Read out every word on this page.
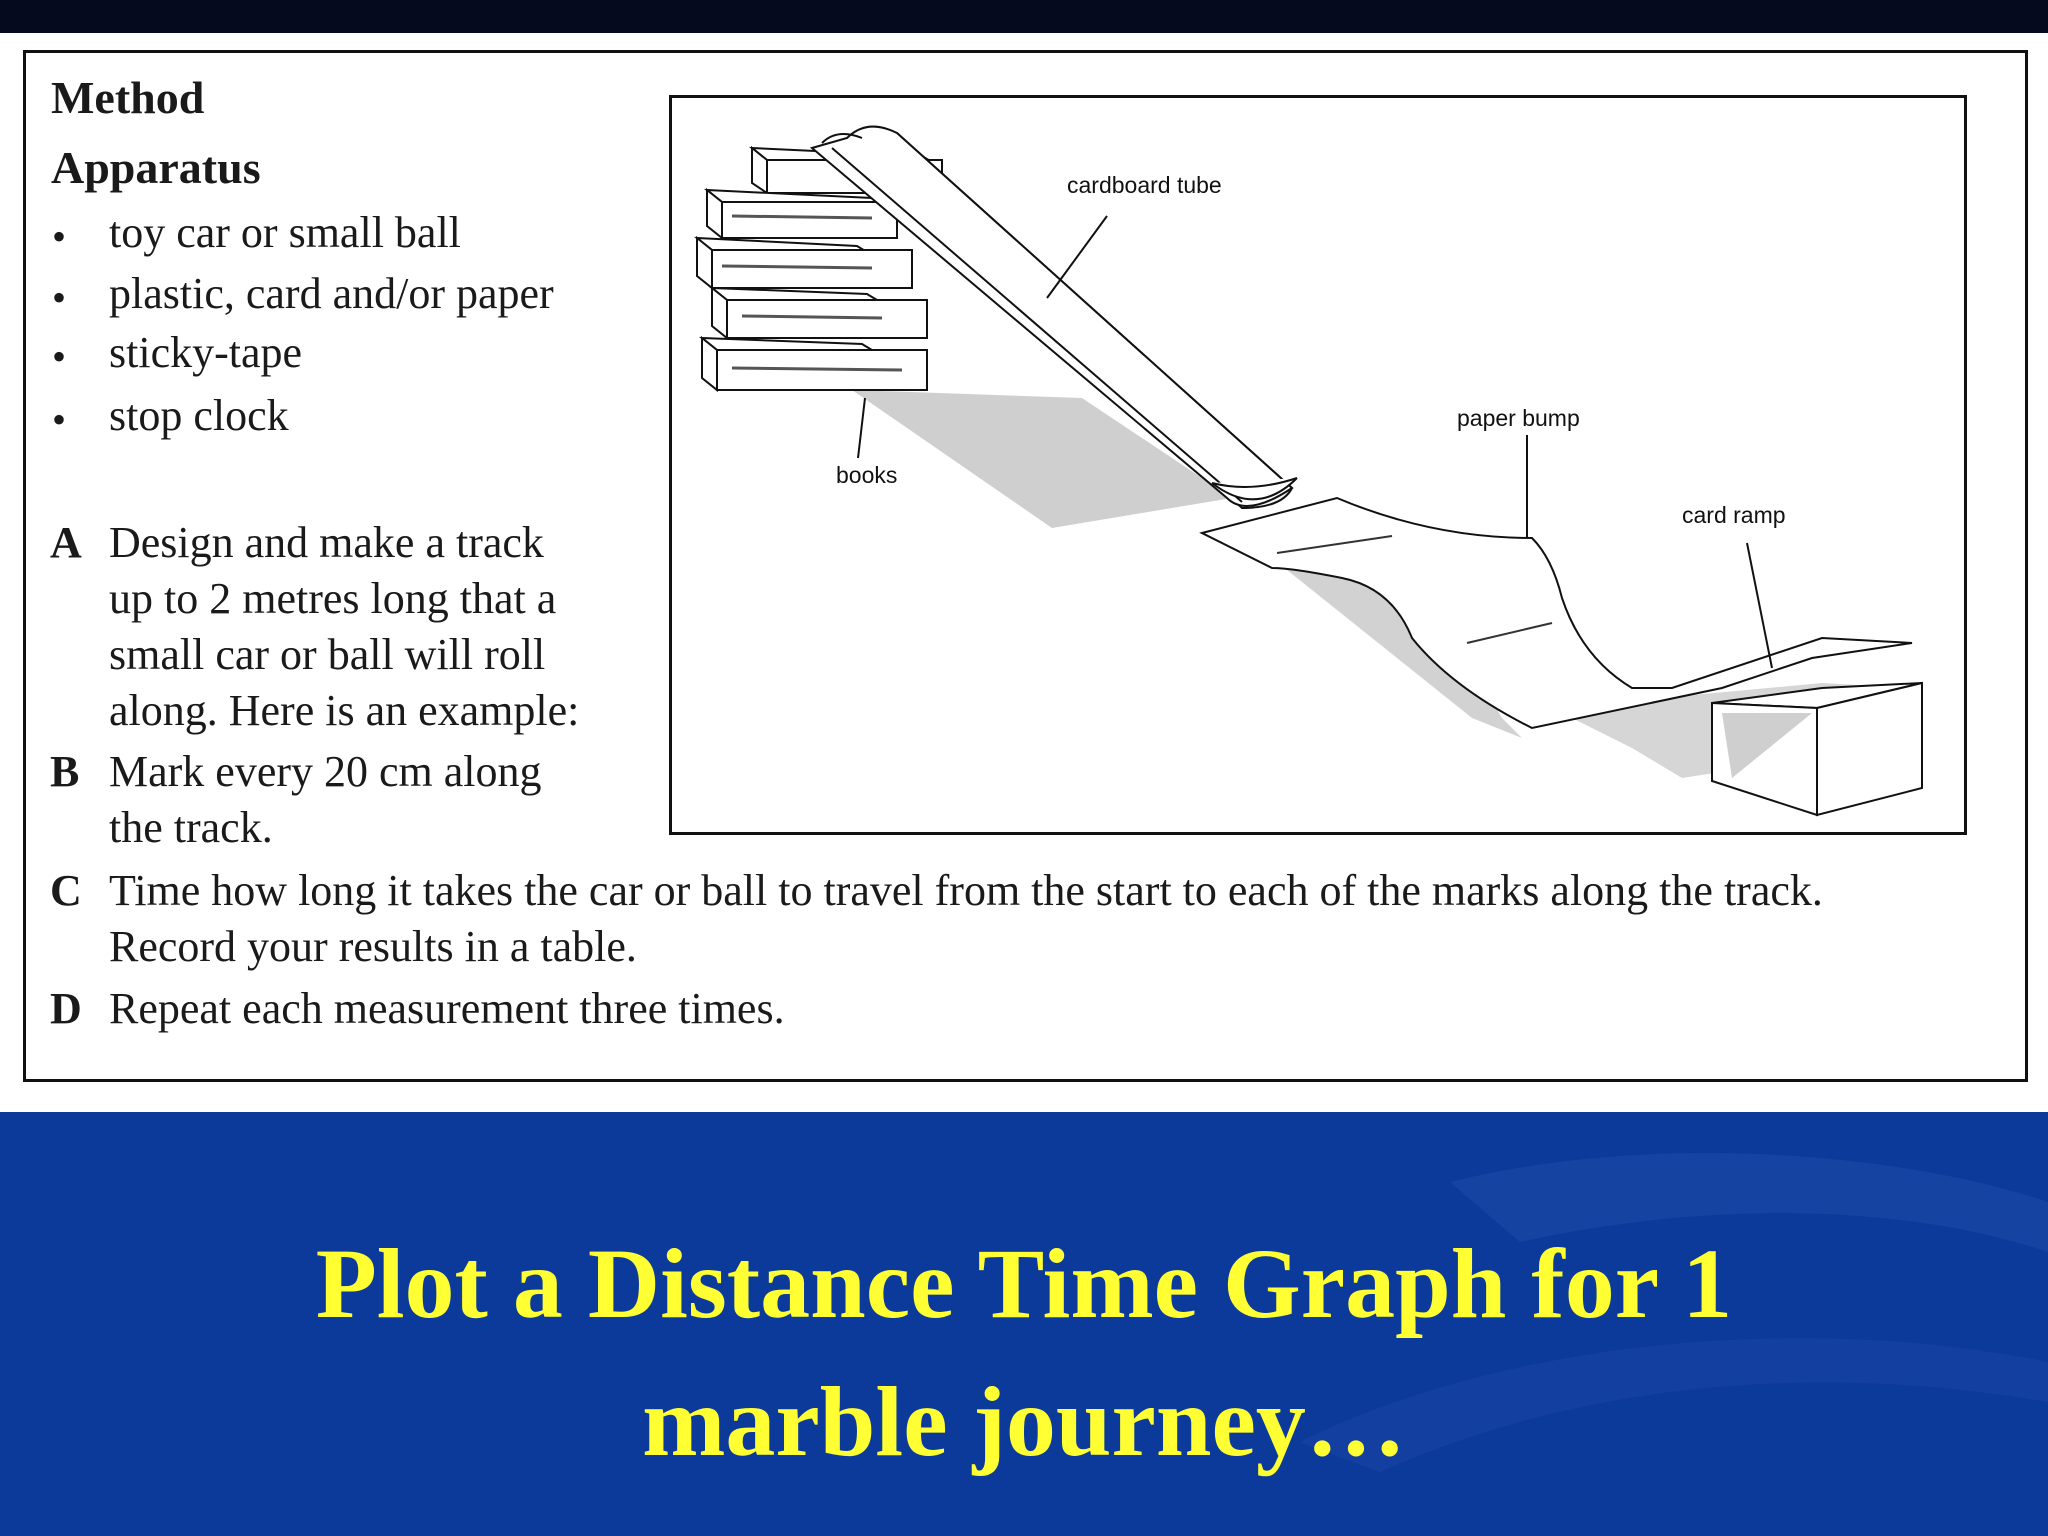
Method
Apparatus
• toy car or small ball
• plastic, card and/or paper
• sticky-tape
• stop clock
A Design and make a track
up to 2 metres long that a
small car or ball will roll
along. Here is an example:
B Mark every 20 cm along
the track.
C Time how long it takes the car or ball to travel from the start to each of the marks along the track.
Record your results in a table.
D Repeat each measurement three times.
cardboard tube
paper bump
books
card ramp
Plot a Distance Time Graph for 1
marble journey…
